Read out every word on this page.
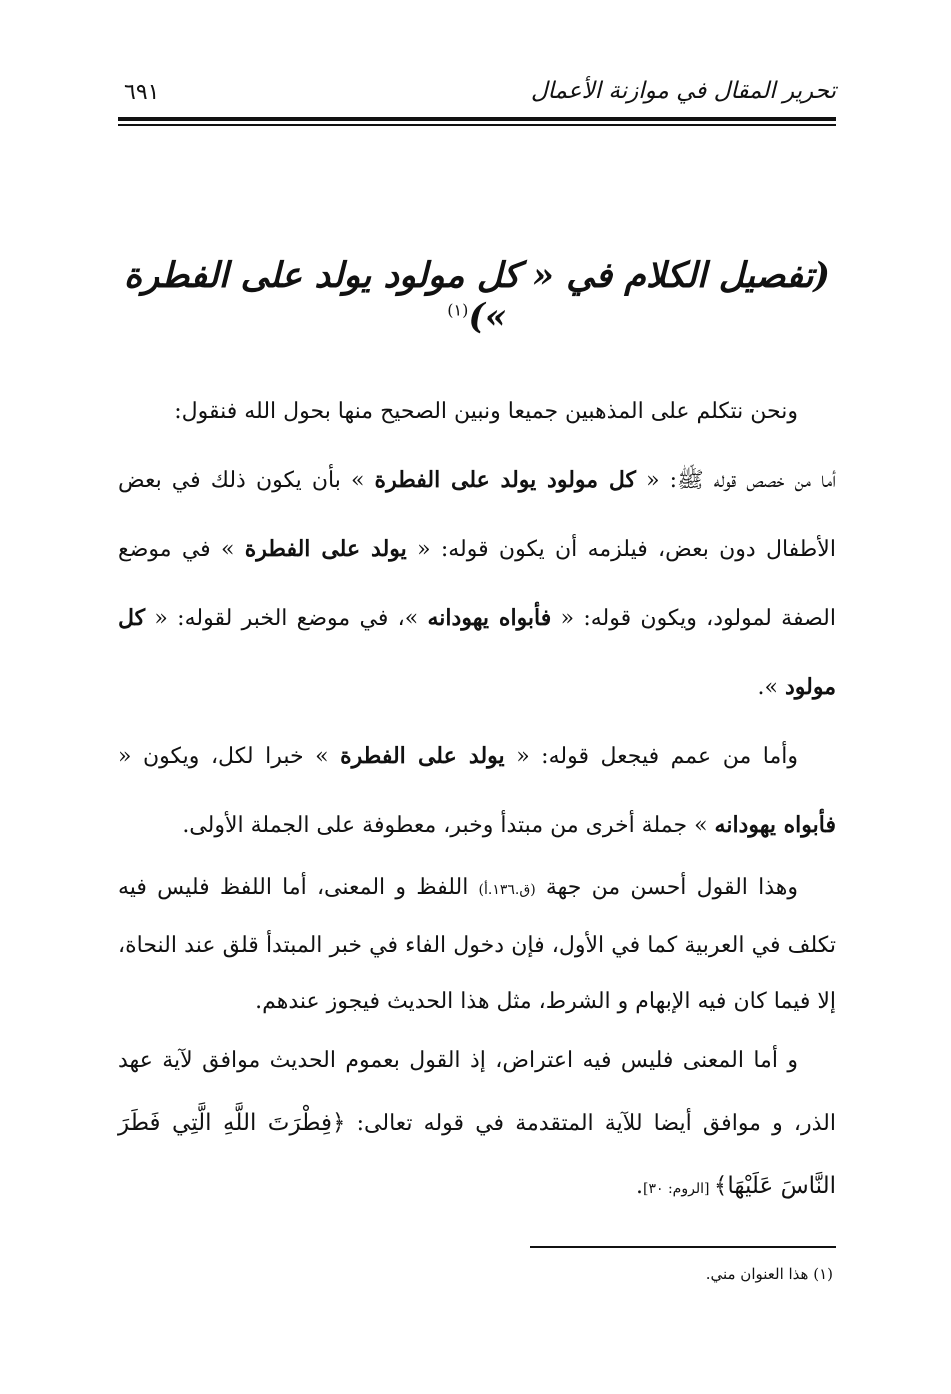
تحرير المقال في موازنة الأعمال
٦٩١
(تفصيل الكلام في « كل مولود يولد على الفطرة »)$^{(١)}$

ونحن نتكلم على المذهبين جميعا ونبين الصحيح منها بحول الله فنقول:

أما من خصص قوله ﷺ: « كل مولود يولد على الفطرة » بأن يكون ذلك في بعض الأطفال دون بعض، فيلزمه أن يكون قوله: « يولد على الفطرة » في موضع الصفة لمولود، ويكون قوله: « فأبواه يهودانه »، في موضع الخبر لقوله: « كل مولود ».

وأما من عمم فيجعل قوله: « يولد على الفطرة » خبرا لكل، ويكون « فأبواه يهودانه » جملة أخرى من مبتدأ وخبر، معطوفة على الجملة الأولى.

وهذا القول أحسن من جهة (ق.١٣٦.أ) اللفظ و المعنى، أما اللفظ فليس فيه تكلف في العربية كما في الأول، فإن دخول الفاء في خبر المبتدأ قلق عند النحاة، إلا فيما كان فيه الإبهام و الشرط، مثل هذا الحديث فيجوز عندهم.

و أما المعنى فليس فيه اعتراض، إذ القول بعموم الحديث موافق لآية عهد الذر، و موافق أيضا للآية المتقدمة في قوله تعالى: ﴿فِطْرَتَ اللَّهِ الَّتِي فَطَرَ النَّاسَ عَلَيْهَا﴾ [الروم: ٣٠].

(١) هذا العنوان مني.
